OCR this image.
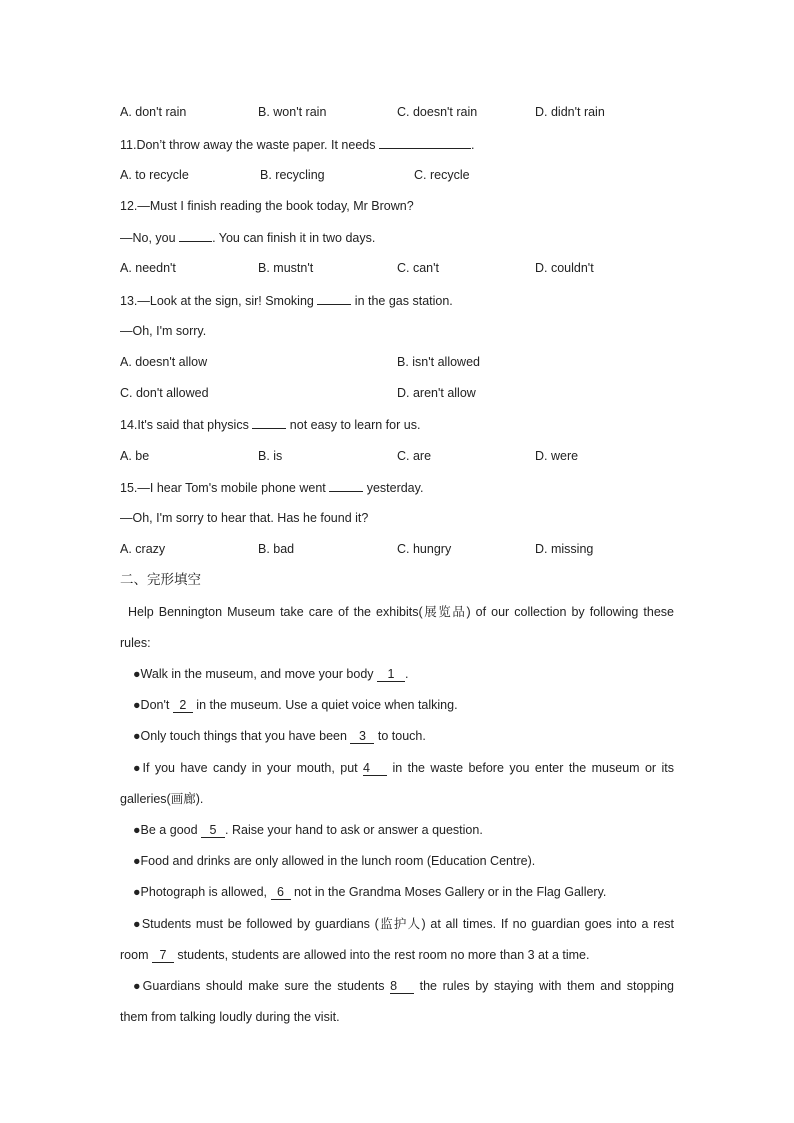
A. don't rain	B. won't rain	C. doesn't rain	D. didn't rain
11.Don’t throw away the waste paper. It needs	.
A. to recycle	B. recycling	C. recycle
12.—Must I finish reading the book today, Mr Brown?
—No, you	. You can finish it in two days.
A. needn't	B. mustn't	C. can't	D. couldn't
13.—Look at the sign, sir! Smoking	in the gas station.
—Oh, I'm sorry.
A. doesn't allow	B. isn't allowed
C. don't allowed	D. aren't allow
14.It's said that physics	not easy to learn for us.
A. be	B. is	C. are	D. were
15.—I hear Tom's mobile phone went	yesterday.
—Oh, I'm sorry to hear that. Has he found it?
A. crazy	B. bad	C. hungry	D. missing
二、完形填空
Help Bennington Museum take care of the exhibits(展览品) of our collection by following these
rules:
●Walk in the museum, and move your body 1 .
●Don't 2 in the museum. Use a quiet voice when talking.
●Only touch things that you have been 3 to touch.
●If you have candy in your mouth, put 4 in the waste before you enter the museum or its
galleries(画廊).
●Be a good 5 . Raise your hand to ask or answer a question.
●Food and drinks are only allowed in the lunch room (Education Centre).
●Photograph is allowed, 6 not in the Grandma Moses Gallery or in the Flag Gallery.
●Students must be followed by guardians (监护人) at all times. If no guardian goes into a rest
room 7 students, students are allowed into the rest room no more than 3 at a time.
●Guardians should make sure the students 8 the rules by staying with them and stopping
them from talking loudly during the visit.
